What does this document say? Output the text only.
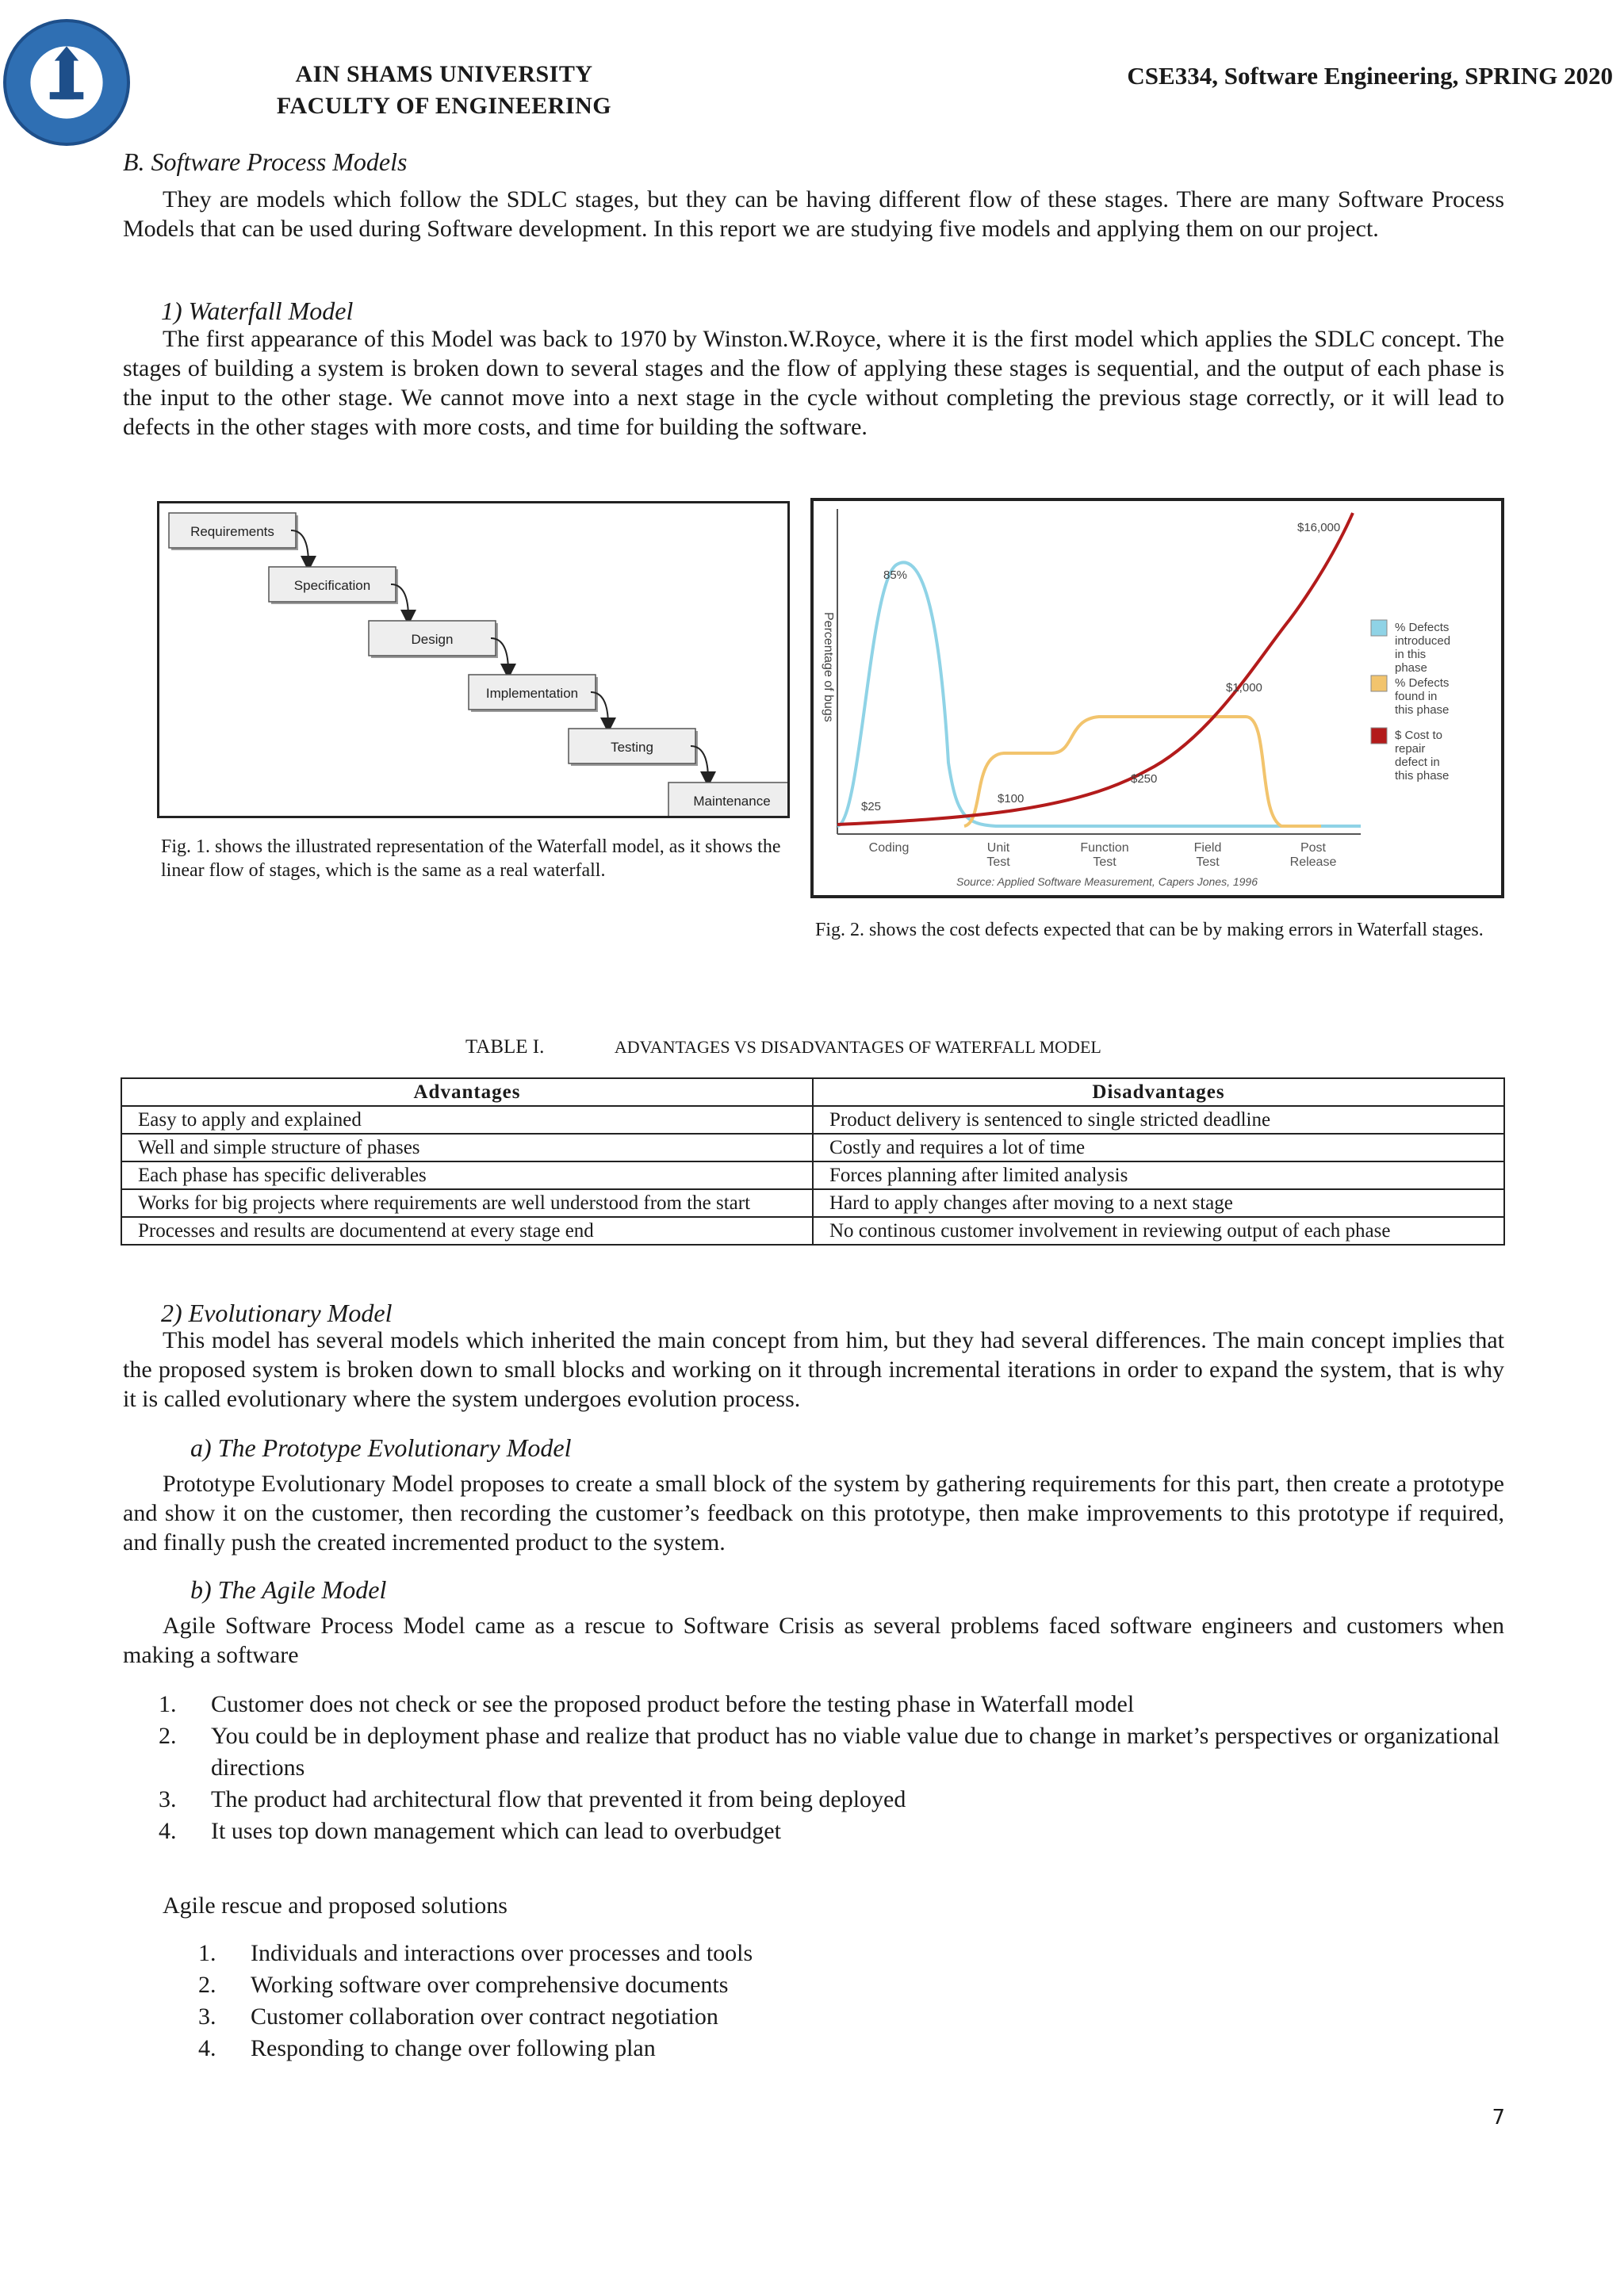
AIN SHAMS UNIVERSITY
FACULTY OF ENGINEERING
CSE334, Software Engineering, SPRING 2020
B. Software Process Models
They are models which follow the SDLC stages, but they can be having different flow of these stages. There are many Software Process Models that can be used during Software development. In this report we are studying five models and applying them on our project.
1) Waterfall Model
The first appearance of this Model was back to 1970 by Winston.W.Royce, where it is the first model which applies the SDLC concept. The stages of building a system is broken down to several stages and the flow of applying these stages is sequential, and the output of each phase is the input to the other stage. We cannot move into a next stage in the cycle without completing the previous stage correctly, or it will lead to defects in the other stages with more costs, and time for building the software.
Requirements
Specification
Design
Implementation
Testing
Maintenance
Fig. 1. shows the illustrated representation of the Waterfall model, as it shows the linear flow of stages, which is the same as a real waterfall.
Percentage of bugs
Coding	Unit
Test
Function
Test
Field
Test
Post
Release
85%
$25
$100
$250
$1,000
$16,000
% Defects
introduced
in this
phase
% Defects
found in
this phase
$ Cost to
repair
defect in
this phase
Source: Applied Software Measurement, Capers Jones, 1996
Fig. 2. shows the cost defects expected that can be by making errors in Waterfall stages.
TABLE I.	ADVANTAGES VS DISADVANTAGES OF WATERFALL MODEL
Advantages	Disadvantages
Easy to apply and explained	Product delivery is sentenced to single stricted deadline
Well and simple structure of phases	Costly and requires a lot of time
Each phase has specific deliverables	Forces planning after limited analysis
Works for big projects where requirements are well understood from the start	Hard to apply changes after moving to a next stage
Processes and results are documentend at every stage end	No continous customer involvement in reviewing output of each phase
2) Evolutionary Model
This model has several models which inherited the main concept from him, but they had several differences. The main concept implies that the proposed system is broken down to small blocks and working on it through incremental iterations in order to expand the system, that is why it is called evolutionary where the system undergoes evolution process.
a) The Prototype Evolutionary Model
Prototype Evolutionary Model proposes to create a small block of the system by gathering requirements for this part, then create a prototype and show it on the customer, then recording the customer’s feedback on this prototype, then make improvements to this prototype if required, and finally push the created incremented product to the system.
b) The Agile Model
Agile Software Process Model came as a rescue to Software Crisis as several problems faced software engineers and customers when making a software
1.	Customer does not check or see the proposed product before the testing phase in Waterfall model
2.	You could be in deployment phase and realize that product has no viable value due to change in market’s perspectives or organizational directions
3.	The product had architectural flow that prevented it from being deployed
4.	It uses top down management which can lead to overbudget
Agile rescue and proposed solutions
1.	Individuals and interactions over processes and tools
2.	Working software over comprehensive documents
3.	Customer collaboration over contract negotiation
4.	Responding to change over following plan
7
